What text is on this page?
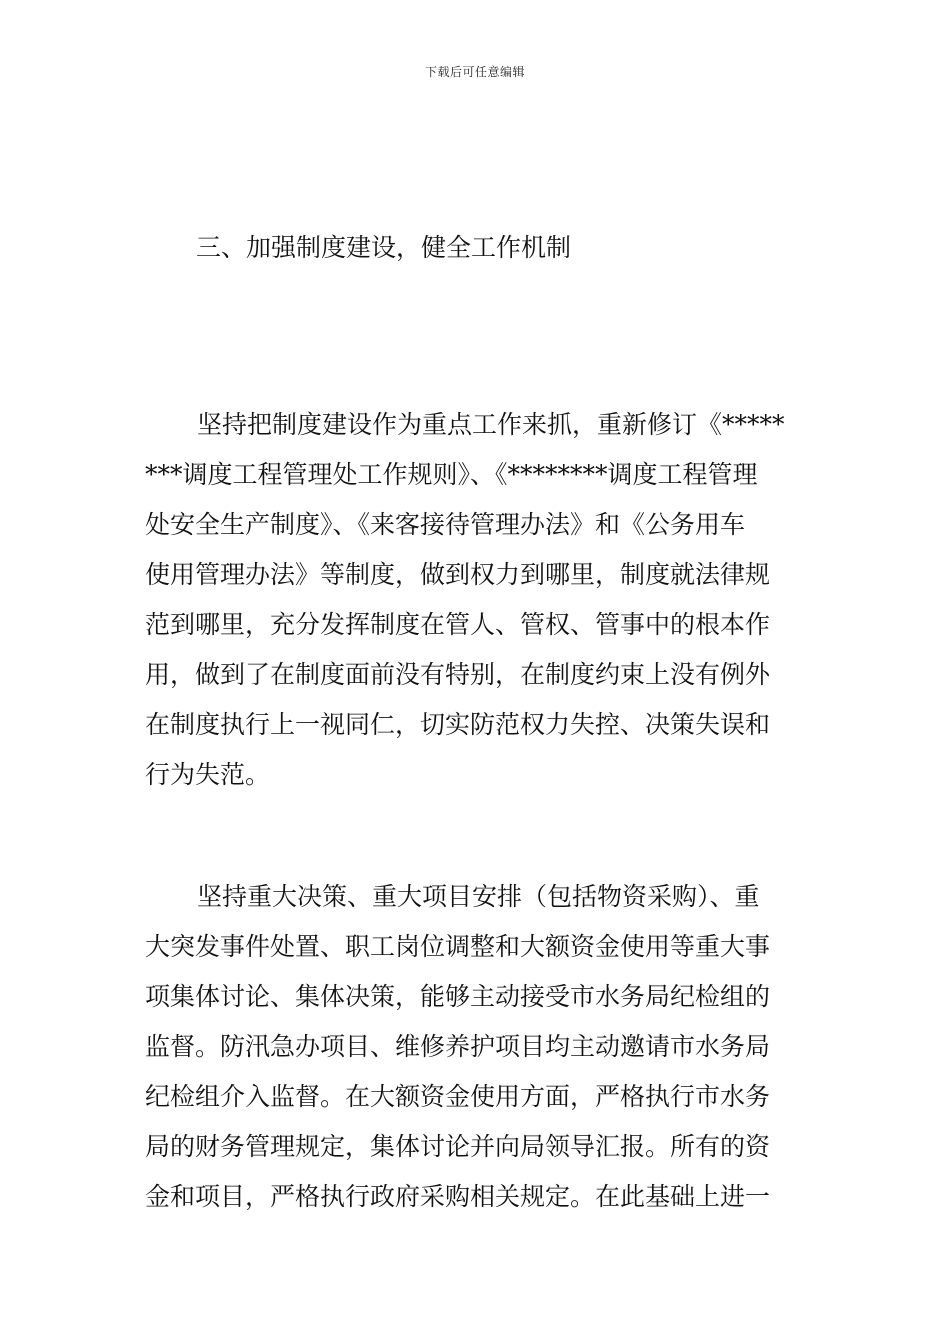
下载后可任意编辑
三、加强制度建设，健全工作机制
坚持把制度建设作为重点工作来抓，重新修订《*****
***调度工程管理处工作规则》、《********调度工程管理
处安全生产制度》、《来客接待管理办法》和《公务用车
使用管理办法》等制度，做到权力到哪里，制度就法律规
范到哪里，充分发挥制度在管人、管权、管事中的根本作
用，做到了在制度面前没有特别，在制度约束上没有例外
在制度执行上一视同仁，切实防范权力失控、决策失误和
行为失范。
坚持重大决策、重大项目安排（包括物资采购）、重
大突发事件处置、职工岗位调整和大额资金使用等重大事
项集体讨论、集体决策，能够主动接受市水务局纪检组的
监督。防汛急办项目、维修养护项目均主动邀请市水务局
纪检组介入监督。在大额资金使用方面，严格执行市水务
局的财务管理规定，集体讨论并向局领导汇报。所有的资
金和项目，严格执行政府采购相关规定。在此基础上进一
